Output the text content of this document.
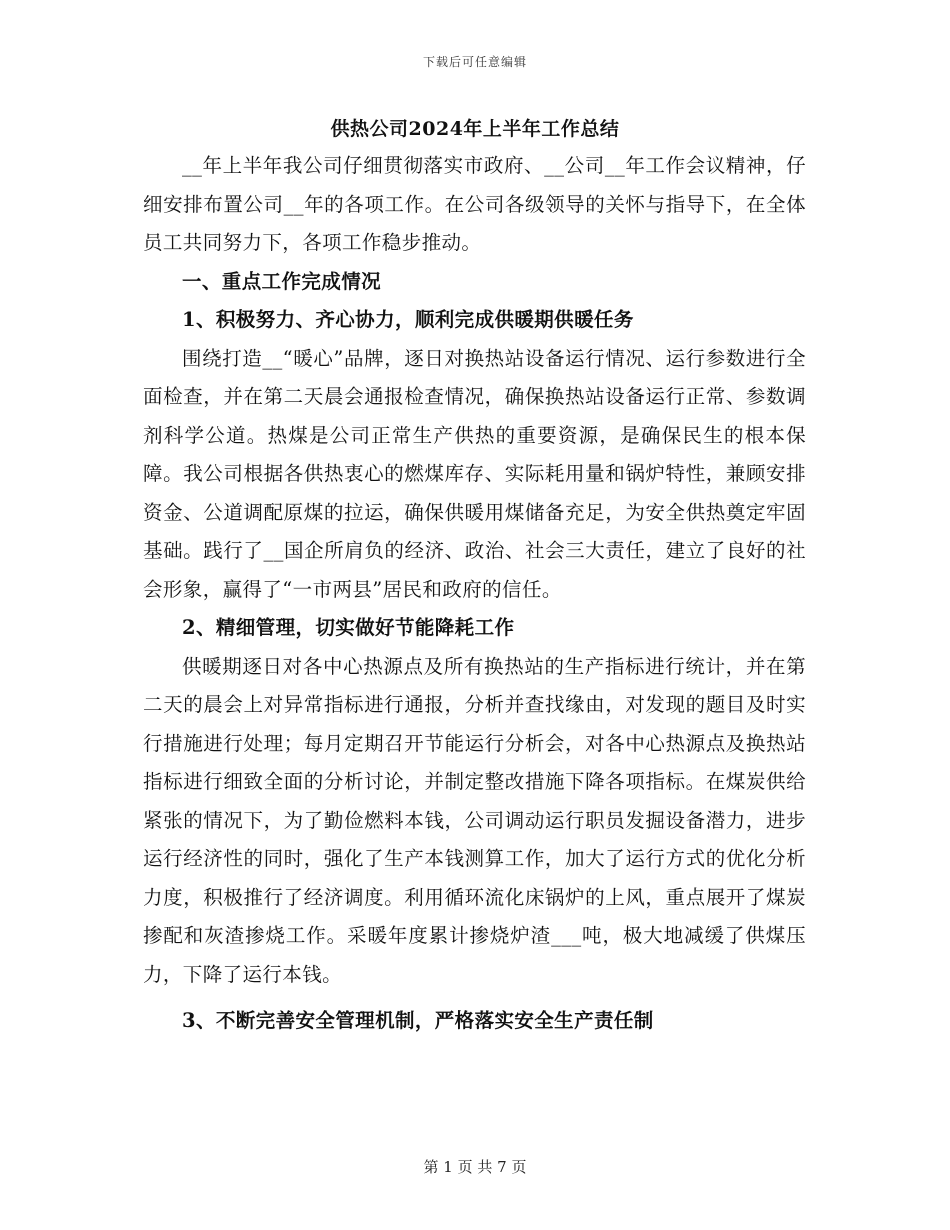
下载后可任意编辑
供热公司2024年上半年工作总结

__年上半年我公司仔细贯彻落实市政府、__公司__年工作会议精神，仔细安排布置公司__年的各项工作。在公司各级领导的关怀与指导下，在全体员工共同努力下，各项工作稳步推动。

一、重点工作完成情况

1、积极努力、齐心协力，顺利完成供暖期供暖任务

围绕打造__“暖心”品牌，逐日对换热站设备运行情况、运行参数进行全面检查，并在第二天晨会通报检查情况，确保换热站设备运行正常、参数调剂科学公道。热煤是公司正常生产供热的重要资源，是确保民生的根本保障。我公司根据各供热衷心的燃煤库存、实际耗用量和锅炉特性，兼顾安排资金、公道调配原煤的拉运，确保供暖用煤储备充足，为安全供热奠定牢固基础。践行了__国企所肩负的经济、政治、社会三大责任，建立了良好的社会形象，赢得了“一市两县”居民和政府的信任。

2、精细管理，切实做好节能降耗工作

供暖期逐日对各中心热源点及所有换热站的生产指标进行统计，并在第二天的晨会上对异常指标进行通报，分析并查找缘由，对发现的题目及时实行措施进行处理；每月定期召开节能运行分析会，对各中心热源点及换热站指标进行细致全面的分析讨论，并制定整改措施下降各项指标。在煤炭供给紧张的情况下，为了勤俭燃料本钱，公司调动运行职员发掘设备潜力，进步运行经济性的同时，强化了生产本钱测算工作，加大了运行方式的优化分析力度，积极推行了经济调度。利用循环流化床锅炉的上风，重点展开了煤炭掺配和灰渣掺烧工作。采暖年度累计掺烧炉渣___吨，极大地减缓了供煤压力，下降了运行本钱。

3、不断完善安全管理机制，严格落实安全生产责任制

第 1 页 共 7 页
